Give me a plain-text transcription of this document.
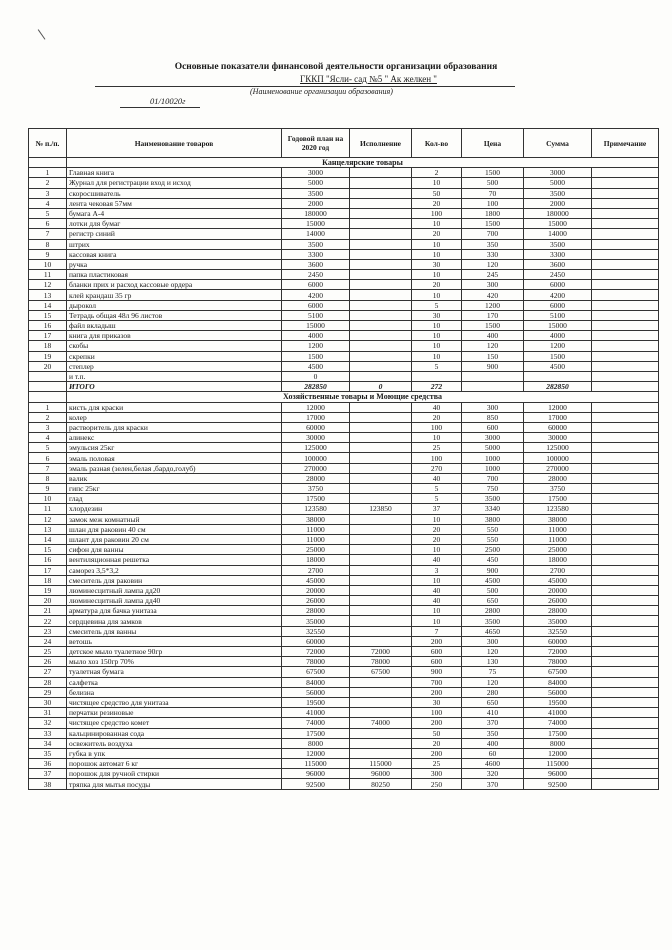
Основные показатели финансовой деятельности организации образования
ГККП "Ясли- сад №5 " Ак желкен "
(Наименование организации образования)
01/10020г
№ п./п.	Наименование товаров	Годовой план на 2020 год	Исполнение	Кол-во	Цена	Сумма	Примечание
	Канцелярские товары						
1	Главная книга	3000		2	1500	3000	
2	Журнал для регистрации вход и исход	5000		10	500	5000	
3	скоросшиватель	3500		50	70	3500	
4	лента чековая 57мм	2000		20	100	2000	
5	бумага А-4	180000		100	1800	180000	
6	лотки для бумаг	15000		10	1500	15000	
7	регистр синий	14000		20	700	14000	
8	штрих	3500		10	350	3500	
9	кассовая книга	3300		10	330	3300	
10	ручка	3600		30	120	3600	
11	папка пластиковая	2450		10	245	2450	
12	бланки прих и расход кассовые ордера	6000		20	300	6000	
13	клей крандаш 35 гр	4200		10	420	4200	
14	дырокол	6000		5	1200	6000	
15	Тетрадь общая 48л 96 листов	5100		30	170	5100	
16	файл вкладыш	15000		10	1500	15000	
17	книга для приказов	4000		10	400	4000	
18	скобы	1200		10	120	1200	
19	скрепки	1500		10	150	1500	
20	степлер	4500		5	900	4500	
	и т.п.	0					
	ИТОГО	282850	0	272		282850	
	Хозяйственные товары и Моющие средства						
1	кисть для краски	12000		40	300	12000	
2	колер	17000		20	850	17000	
3	растворитель для краски	60000		100	600	60000	
4	алинекс	30000		10	3000	30000	
5	эмульсия 25кг	125000		25	5000	125000	
6	эмаль половая	100000		100	1000	100000	
7	эмаль разная (зелен,белая ,бардо,голуб)	270000		270	1000	270000	
8	валик	28000		40	700	28000	
9	гипс 25кг	3750		5	750	3750	
10	глад	17500		5	3500	17500	
11	хлордезин	123580	123850	37	3340	123580	
12	замок меж комнатный	38000		10	3800	38000	
13	шлан для раковин 40 см	11000		20	550	11000	
14	шлант для раковин 20 см	11000		20	550	11000	
15	сифон для ванны	25000		10	2500	25000	
16	вентиляционная решетка	18000		40	450	18000	
17	саморез 3,5*3,2	2700		3	900	2700	
18	смеситель для раковин	45000		10	4500	45000	
19	люминесцитный лампа дд20	20000		40	500	20000	
20	люминесцитный лампа дд40	26000		40	650	26000	
21	арматура для бачка унитаза	28000		10	2800	28000	
22	сердцевина для замков	35000		10	3500	35000	
23	смеситель для ванны	32550		7	4650	32550	
24	ветошь	60000		200	300	60000	
25	детское мыло туалетное 90гр	72000	72000	600	120	72000	
26	мыло хоз 150гр 70%	78000	78000	600	130	78000	
27	туалетная бумага	67500	67500	900	75	67500	
28	салфетка	84000		700	120	84000	
29	белизна	56000		200	280	56000	
30	чистящее средство для унитаза	19500		30	650	19500	
31	перчатки резиновые	41000		100	410	41000	
32	чистящее средство комет	74000	74000	200	370	74000	
33	кальцинированная сода	17500		50	350	17500	
34	освежитель воздуха	8000		20	400	8000	
35	губка в упк	12000		200	60	12000	
36	порошок автомат 6 кг	115000	115000	25	4600	115000	
37	порошок для ручной стирки	96000	96000	300	320	96000	
38	тряпка для мытья посуды	92500	80250	250	370	92500	
